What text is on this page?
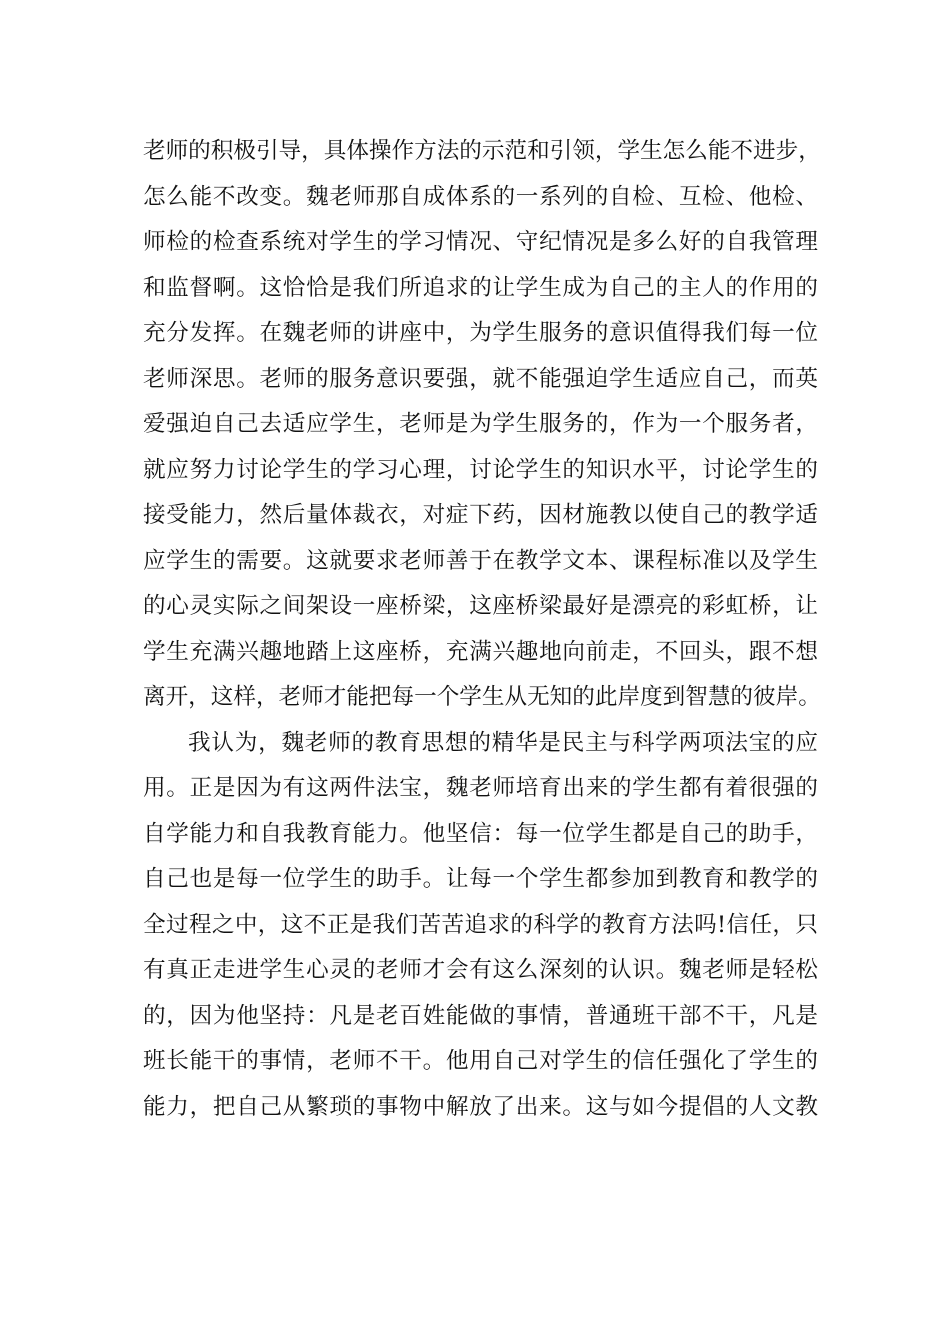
老师的积极引导，具体操作方法的示范和引领，学生怎么能不进步，
怎么能不改变。魏老师那自成体系的一系列的自检、互检、他检、
师检的检查系统对学生的学习情况、守纪情况是多么好的自我管理
和监督啊。这恰恰是我们所追求的让学生成为自己的主人的作用的
充分发挥。在魏老师的讲座中，为学生服务的意识值得我们每一位
老师深思。老师的服务意识要强，就不能强迫学生适应自己，而英
爱强迫自己去适应学生，老师是为学生服务的，作为一个服务者，
就应努力讨论学生的学习心理，讨论学生的知识水平，讨论学生的
接受能力，然后量体裁衣，对症下药，因材施教以使自己的教学适
应学生的需要。这就要求老师善于在教学文本、课程标准以及学生
的心灵实际之间架设一座桥梁，这座桥梁最好是漂亮的彩虹桥，让
学生充满兴趣地踏上这座桥，充满兴趣地向前走，不回头，跟不想
离开，这样，老师才能把每一个学生从无知的此岸度到智慧的彼岸。
我认为，魏老师的教育思想的精华是民主与科学两项法宝的应
用。正是因为有这两件法宝，魏老师培育出来的学生都有着很强的
自学能力和自我教育能力。他坚信：每一位学生都是自己的助手，
自己也是每一位学生的助手。让每一个学生都参加到教育和教学的
全过程之中，这不正是我们苦苦追求的科学的教育方法吗!信任，只
有真正走进学生心灵的老师才会有这么深刻的认识。魏老师是轻松
的，因为他坚持：凡是老百姓能做的事情，普通班干部不干，凡是
班长能干的事情，老师不干。他用自己对学生的信任强化了学生的
能力，把自己从繁琐的事物中解放了出来。这与如今提倡的人文教
